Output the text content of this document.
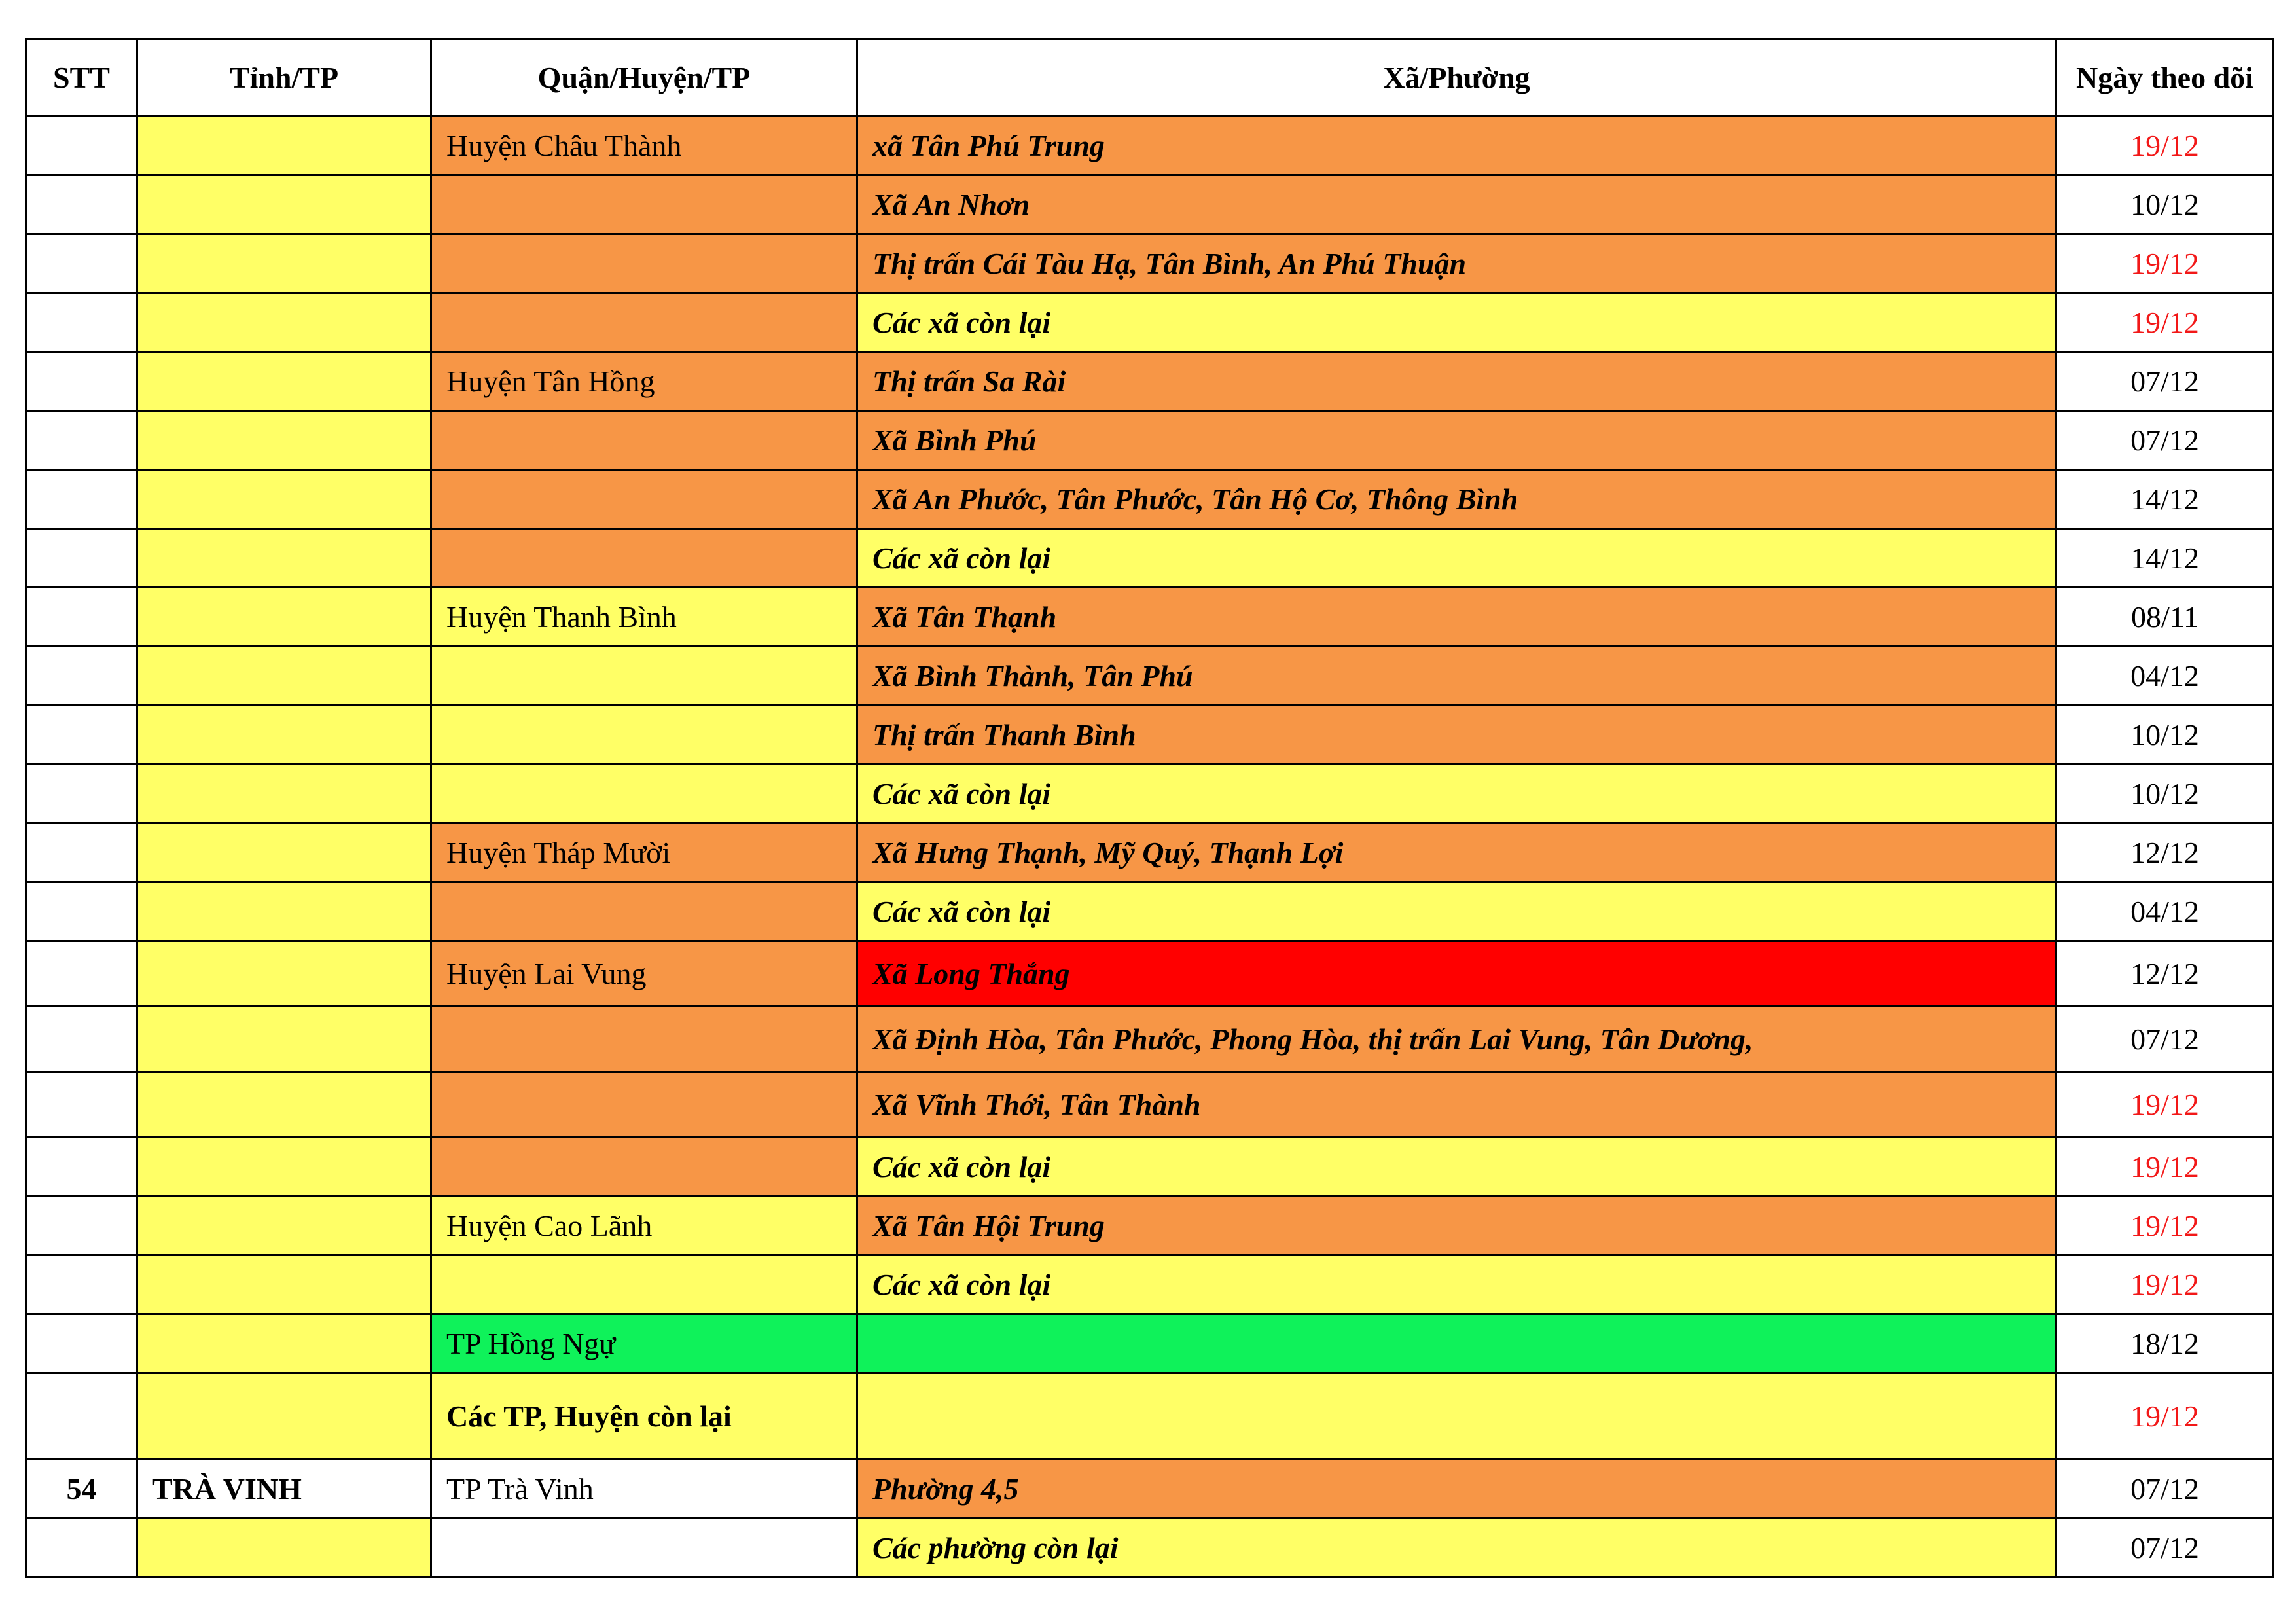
STT	Tỉnh/TP	Quận/Huyện/TP	Xã/Phường	Ngày theo dõi
		Huyện Châu Thành	xã Tân Phú Trung	19/12
			Xã An Nhơn	10/12
			Thị trấn Cái Tàu Hạ, Tân Bình, An Phú Thuận	19/12
			Các xã còn lại	19/12
		Huyện Tân Hồng	Thị trấn Sa Rài	07/12
			Xã Bình Phú	07/12
			Xã An Phước, Tân Phước, Tân Hộ Cơ, Thông Bình	14/12
			Các xã còn lại	14/12
		Huyện Thanh Bình	Xã Tân Thạnh	08/11
			Xã Bình Thành, Tân Phú	04/12
			Thị trấn Thanh Bình	10/12
			Các xã còn lại	10/12
		Huyện Tháp Mười	Xã Hưng Thạnh, Mỹ Quý, Thạnh Lợi	12/12
			Các xã còn lại	04/12
		Huyện Lai Vung	Xã Long Thắng	12/12
			Xã Định Hòa, Tân Phước, Phong Hòa, thị trấn Lai Vung, Tân Dương,	07/12
			Xã Vĩnh Thới, Tân Thành	19/12
			Các xã còn lại	19/12
		Huyện Cao Lãnh	Xã Tân Hội Trung	19/12
			Các xã còn lại	19/12
		TP Hồng Ngự		18/12
		Các TP, Huyện còn lại		19/12
54	TRÀ VINH	TP Trà Vinh	Phường 4,5	07/12
			Các phường còn lại	07/12
